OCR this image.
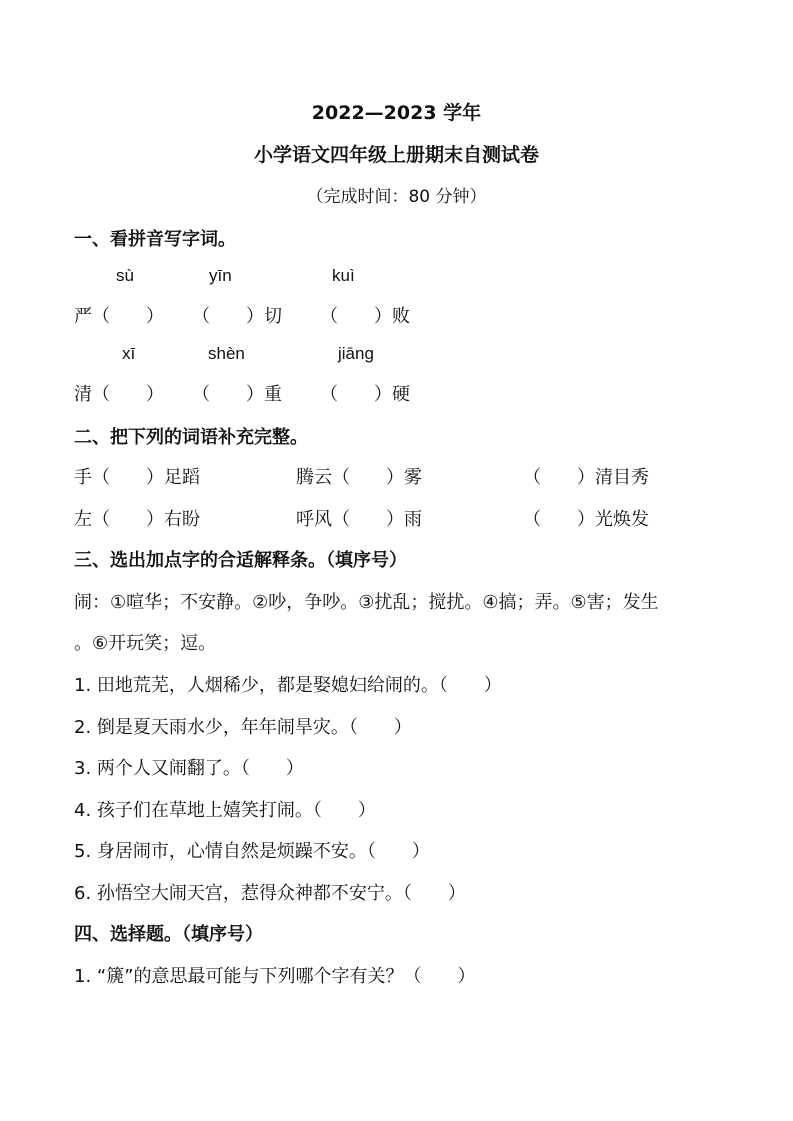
2022—2023 学年
小学语文四年级上册期末自测试卷
（完成时间：80 分钟）
一、看拼音写字词。
sù	yīn	kuì
严（　　） （　　）切 （　　）败
xī	shèn	jiāng
清（　　） （　　）重 （　　）硬
二、把下列的词语补充完整。
手（　　）足蹈	腾云（　　）雾	（　　）清目秀
左（　　）右盼	呼风（　　）雨	（　　）光焕发
三、选出加点字的合适解释条。（填序号）
闹：①喧华；不安静。②吵，争吵。③扰乱；搅扰。④搞；弄。⑤害；发生
。⑥开玩笑；逗。
1. 田地荒芜，人烟稀少，都是娶媳妇给闹的。（　　）
2. 倒是夏天雨水少，年年闹旱灾。（　　）
3. 两个人又闹翻了。（　　）
4. 孩子们在草地上嬉笑打闹。（　　）
5. 身居闹市，心情自然是烦躁不安。（　　）
6. 孙悟空大闹天宫，惹得众神都不安宁。（　　）
四、选择题。（填序号）
1. “篪”的意思最可能与下列哪个字有关？（　　）
